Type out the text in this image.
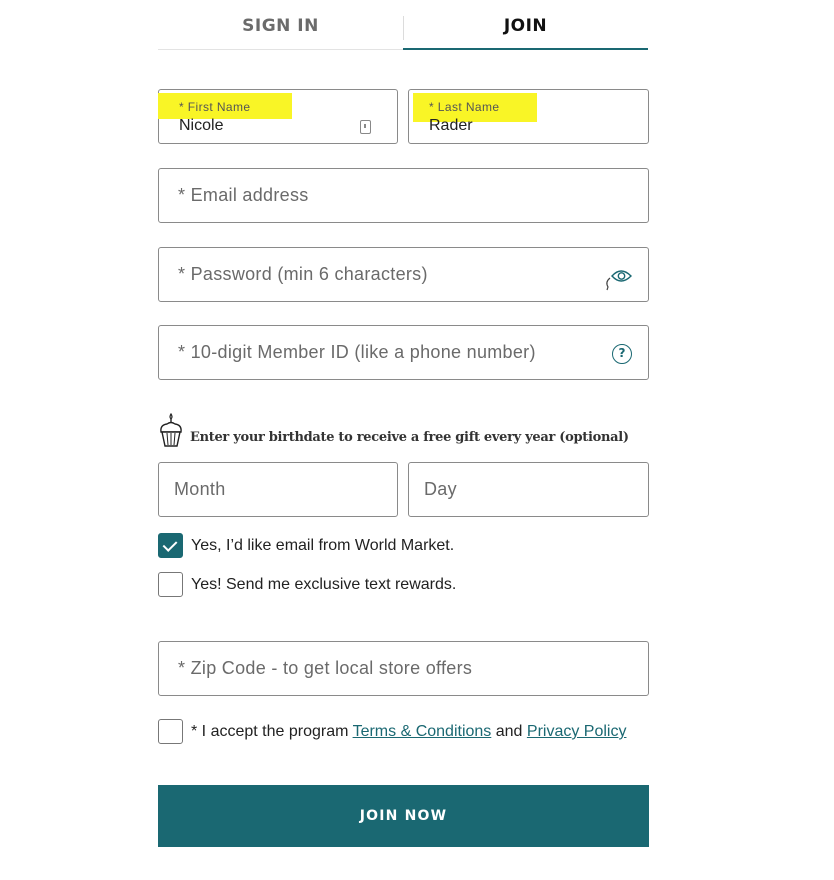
SIGN IN	JOIN
* First Name
Nicole
* Last Name
Rader
* Email address
* 10-digit Member ID (like a phone number)
?
Enter your birthdate to receive a free gift every year (optional)
Month
Day
Yes, I’d like email from World Market.
Yes! Send me exclusive text rewards.
* Zip Code - to get local store offers
* I accept the program Terms & Conditions and Privacy Policy
JOIN NOW
